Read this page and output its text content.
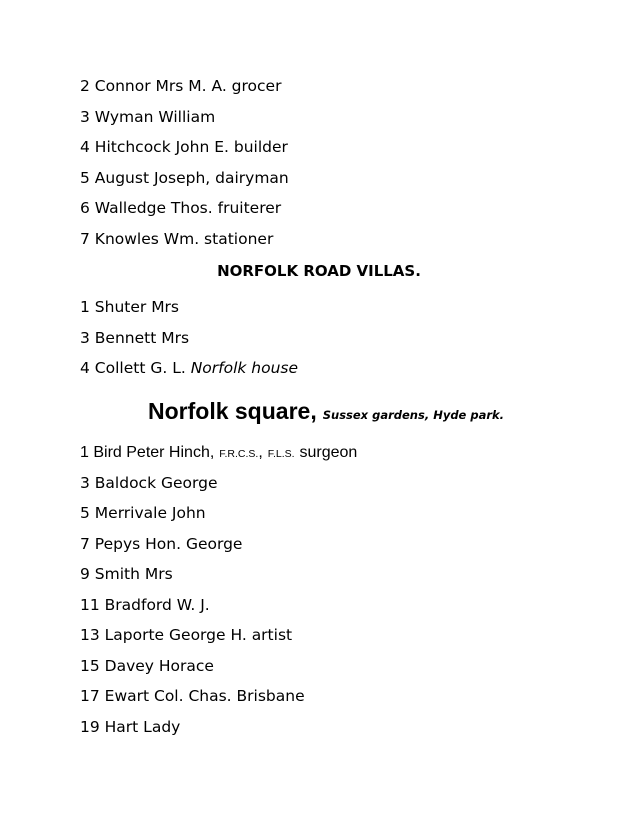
2 Connor Mrs M. A. grocer
3 Wyman William
4 Hitchcock John E. builder
5 August Joseph, dairyman
6 Walledge Thos. fruiterer
7 Knowles Wm. stationer
NORFOLK ROAD VILLAS.
1 Shuter Mrs
3 Bennett Mrs
4 Collett G. L. Norfolk house
Norfolk square, Sussex gardens, Hyde park.
1 Bird Peter Hinch, F.R.C.S., F.L.S. surgeon
3 Baldock George
5 Merrivale John
7 Pepys Hon. George
9 Smith Mrs
11 Bradford W. J.
13 Laporte George H. artist
15 Davey Horace
17 Ewart Col. Chas. Brisbane
19 Hart Lady
